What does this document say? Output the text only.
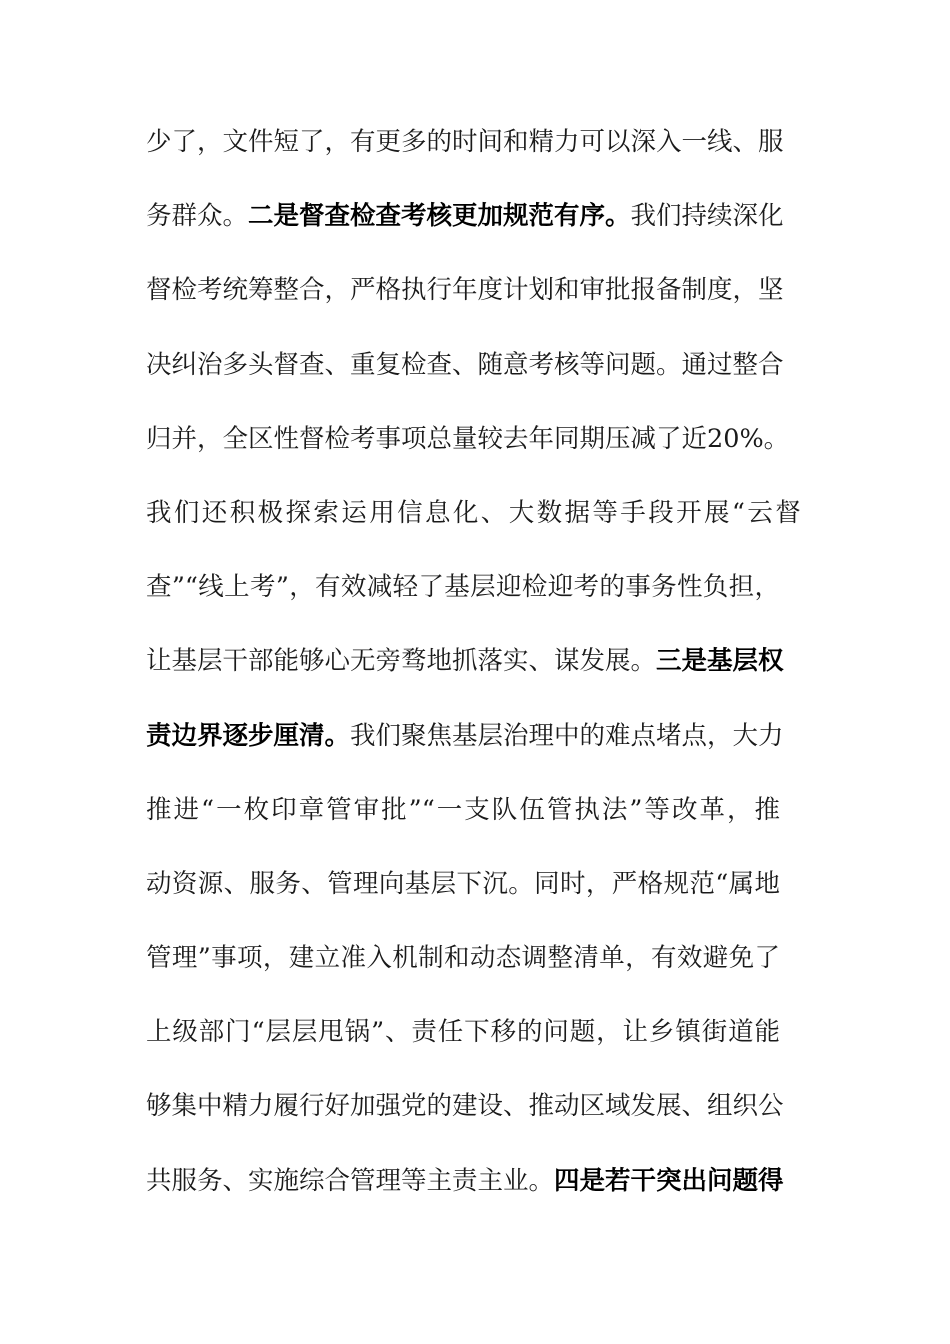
少了，文件短了，有更多的时间和精力可以深入一线、服
务群众。二是督查检查考核更加规范有序。我们持续深化
督检考统筹整合，严格执行年度计划和审批报备制度，坚
决纠治多头督查、重复检查、随意考核等问题。通过整合
归并，全区性督检考事项总量较去年同期压减了近20%。
我们还积极探索运用信息化、大数据等手段开展“云督
查”“线上考”，有效减轻了基层迎检迎考的事务性负担，
让基层干部能够心无旁骛地抓落实、谋发展。三是基层权
责边界逐步厘清。我们聚焦基层治理中的难点堵点，大力
推进“一枚印章管审批”“一支队伍管执法”等改革，推
动资源、服务、管理向基层下沉。同时，严格规范“属地
管理”事项，建立准入机制和动态调整清单，有效避免了
上级部门“层层甩锅”、责任下移的问题，让乡镇街道能
够集中精力履行好加强党的建设、推动区域发展、组织公
共服务、实施综合管理等主责主业。四是若干突出问题得
